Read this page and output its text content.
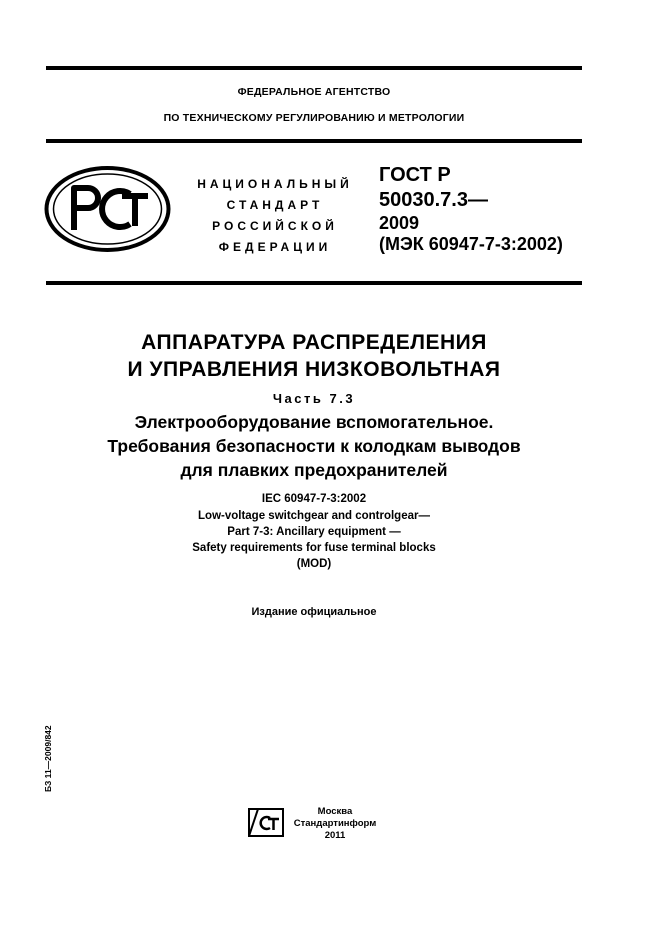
ФЕДЕРАЛЬНОЕ АГЕНТСТВО
ПО ТЕХНИЧЕСКОМУ РЕГУЛИРОВАНИЮ И МЕТРОЛОГИИ
НАЦИОНАЛЬНЫЙ
СТАНДАРТ
РОССИЙСКОЙ
ФЕДЕРАЦИИ
ГОСТ Р
50030.7.3—
2009
(МЭК 60947-7-3:2002)
АППАРАТУРА РАСПРЕДЕЛЕНИЯ
И УПРАВЛЕНИЯ НИЗКОВОЛЬТНАЯ
Часть 7.3
Электрооборудование вспомогательное.
Требования безопасности к колодкам выводов
для плавких предохранителей
IEC 60947-7-3:2002
Low-voltage switchgear and controlgear—
Part 7-3: Ancillary equipment —
Safety requirements for fuse terminal blocks
(MOD)
Издание официальное
БЗ 11—2009/842
Москва
Стандартинформ
2011
